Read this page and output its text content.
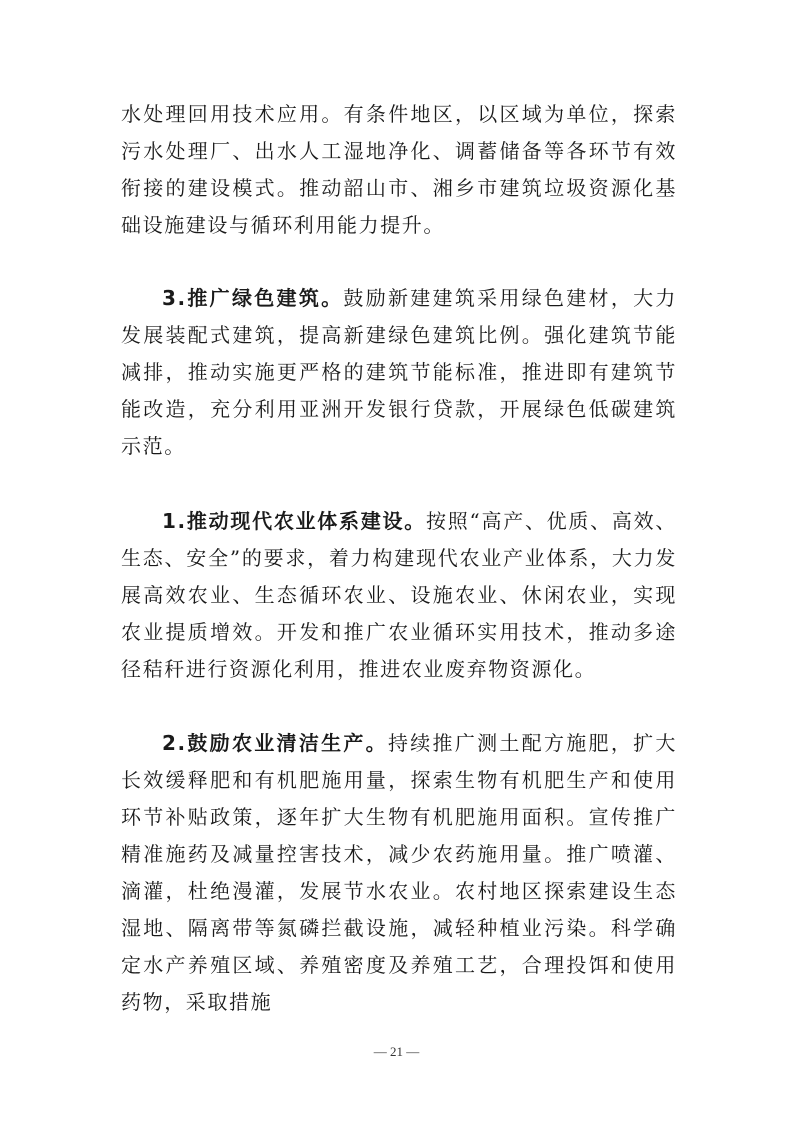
水处理回用技术应用。有条件地区，以区域为单位，探索污水处理厂、出水人工湿地净化、调蓄储备等各环节有效衔接的建设模式。推动韶山市、湘乡市建筑垃圾资源化基础设施建设与循环利用能力提升。

3.推广绿色建筑。鼓励新建建筑采用绿色建材，大力发展装配式建筑，提高新建绿色建筑比例。强化建筑节能减排，推动实施更严格的建筑节能标准，推进即有建筑节能改造，充分利用亚洲开发银行贷款，开展绿色低碳建筑示范。

1.推动现代农业体系建设。按照“高产、优质、高效、生态、安全”的要求，着力构建现代农业产业体系，大力发展高效农业、生态循环农业、设施农业、休闲农业，实现农业提质增效。开发和推广农业循环实用技术，推动多途径秸秆进行资源化利用，推进农业废弃物资源化。

2.鼓励农业清洁生产。持续推广测土配方施肥，扩大长效缓释肥和有机肥施用量，探索生物有机肥生产和使用环节补贴政策，逐年扩大生物有机肥施用面积。宣传推广精准施药及减量控害技术，减少农药施用量。推广喷灌、滴灌，杜绝漫灌，发展节水农业。农村地区探索建设生态湿地、隔离带等氮磷拦截设施，减轻种植业污染。科学确定水产养殖区域、养殖密度及养殖工艺，合理投饵和使用药物，采取措施

— 21 —
